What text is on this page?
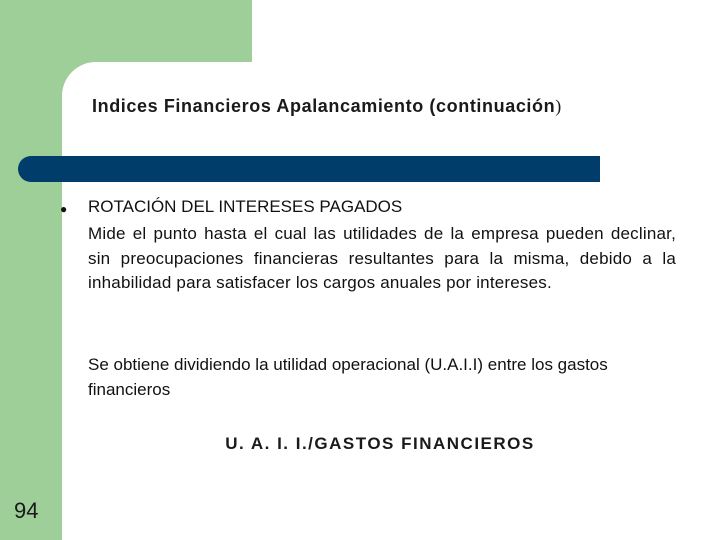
Indices Financieros Apalancamiento (continuación)
● ROTACIÓN DEL INTERESES PAGADOS

Mide el punto hasta el cual las utilidades de la empresa pueden declinar, sin preocupaciones financieras resultantes para la misma, debido a la inhabilidad para satisfacer los cargos anuales por intereses.

Se obtiene dividiendo la utilidad operacional (U.A.I.I) entre los gastos financieros

U. A. I. I./GASTOS FINANCIEROS
94
